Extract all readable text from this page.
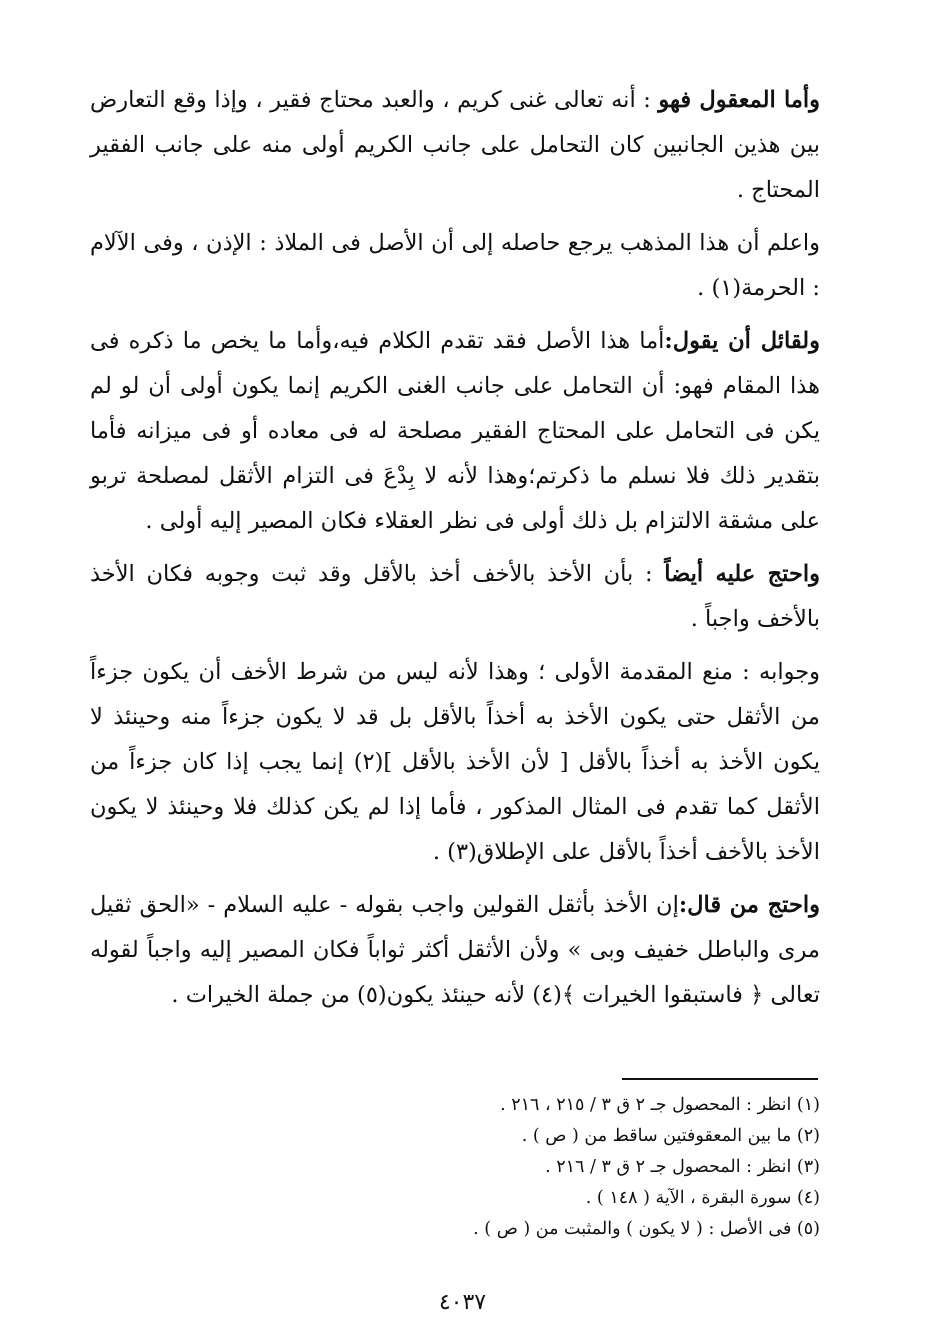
وأما المعقول فهو : أنه تعالى غنى كريم ، والعبد محتاج فقير ، وإذا وقع التعارض بين هذين الجانبين كان التحامل على جانب الكريم أولى منه على جانب الفقير المحتاج .

واعلم أن هذا المذهب يرجع حاصله إلى أن الأصل فى الملاذ : الإذن ، وفى الآلام : الحرمة(١) .

ولقائل أن يقول:أما هذا الأصل فقد تقدم الكلام فيه،وأما ما يخص ما ذكره فى هذا المقام فهو: أن التحامل على جانب الغنى الكريم إنما يكون أولى أن لو لم يكن فى التحامل على المحتاج الفقير مصلحة له فى معاده أو فى ميزانه فأما بتقدير ذلك فلا نسلم ما ذكرتم؛وهذا لأنه لا بِدْعَ فى التزام الأثقل لمصلحة تربو على مشقة الالتزام بل ذلك أولى فى نظر العقلاء فكان المصير إليه أولى .

واحتج عليه أيضاً : بأن الأخذ بالأخف أخذ بالأقل وقد ثبت وجوبه فكان الأخذ بالأخف واجباً .

وجوابه : منع المقدمة الأولى ؛ وهذا لأنه ليس من شرط الأخف أن يكون جزءاً من الأثقل حتى يكون الأخذ به أخذاً بالأقل بل قد لا يكون جزءاً منه وحينئذ لا يكون الأخذ به أخذاً بالأقل [ لأن الأخذ بالأقل ](٢) إنما يجب إذا كان جزءاً من الأثقل كما تقدم فى المثال المذكور ، فأما إذا لم يكن كذلك فلا وحينئذ لا يكون الأخذ بالأخف أخذاً بالأقل على الإطلاق(٣) .

واحتج من قال:إن الأخذ بأثقل القولين واجب بقوله - عليه السلام - «الحق ثقيل مرى والباطل خفيف وبى » ولأن الأثقل أكثر ثواباً فكان المصير إليه واجباً لقوله تعالى ﴿ فاستبقوا الخيرات ﴾(٤) لأنه حينئذ يكون(٥) من جملة الخيرات .

(١) انظر : المحصول جـ ٢ ق ٣ / ٢١٥ ، ٢١٦ .
(٢) ما بين المعقوفتين ساقط من ( ص ) .
(٣) انظر : المحصول جـ ٢ ق ٣ / ٢١٦ .
(٤) سورة البقرة ، الآية ( ١٤٨ ) .
(٥) فى الأصل : ( لا يكون ) والمثبت من ( ص ) .
٤٠٣٧
